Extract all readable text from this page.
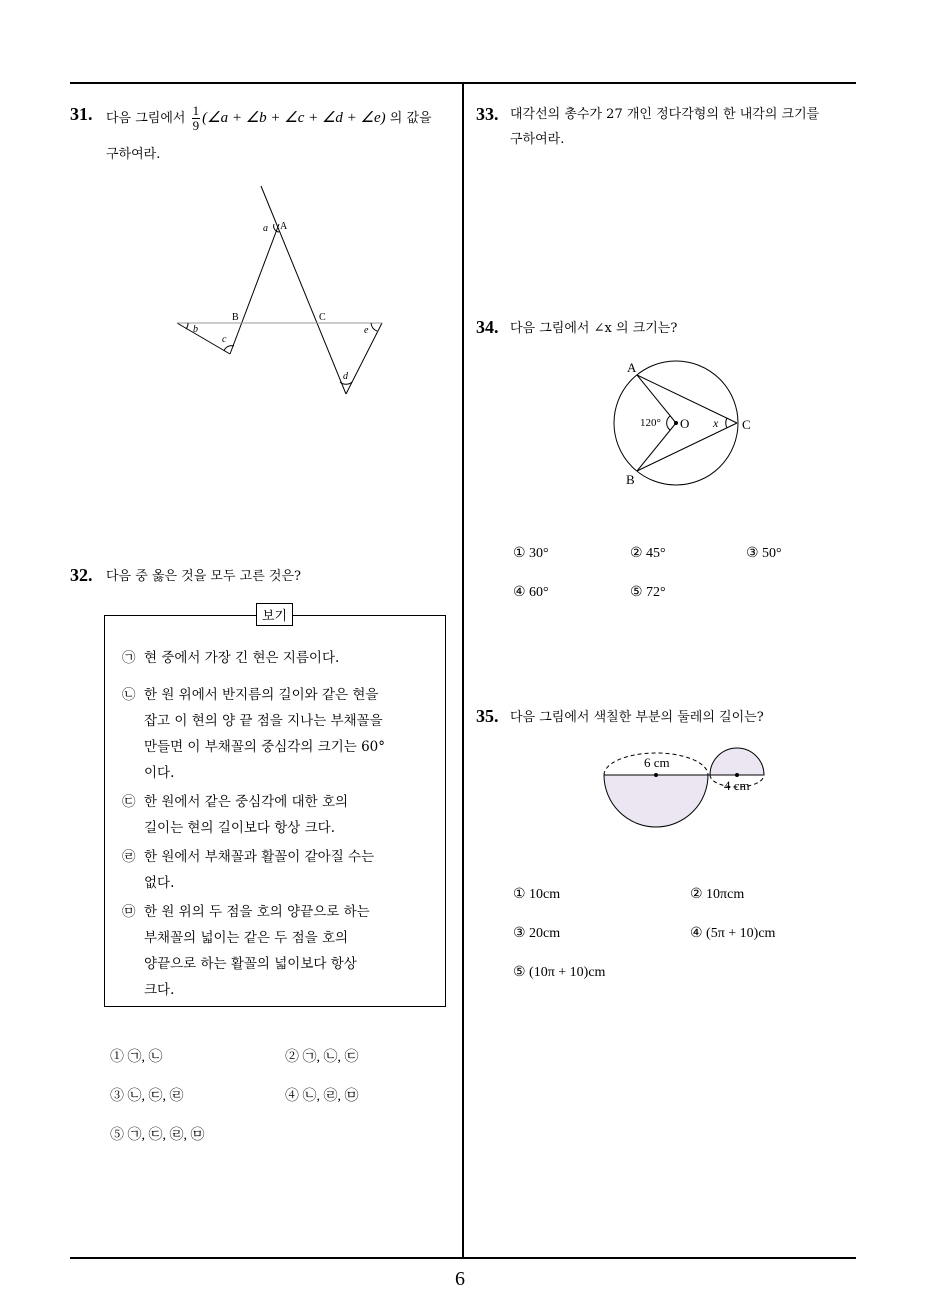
31. 다음 그림에서 $\frac{1}{9}$ (∠a + ∠b + ∠c + ∠d + ∠e) 의 값을
구하여라.
A
a
B	C
b
c
d
e
32. 다음 중 옳은 것을 모두 고른 것은?
보기
㉠ 현 중에서 가장 긴 현은 지름이다.
㉡ 한 원 위에서 반지름의 길이와 같은 현을
잡고 이 현의 양 끝 점을 지나는 부채꼴을
만들면 이 부채꼴의 중심각의 크기는 60°
이다.
㉢ 한 원에서 같은 중심각에 대한 호의
길이는 현의 길이보다 항상 크다.
㉣ 한 원에서 부채꼴과 활꼴이 같아질 수는
없다.
㉤ 한 원 위의 두 점을 호의 양끝으로 하는
부채꼴의 넓이는 같은 두 점을 호의
양끝으로 하는 활꼴의 넓이보다 항상
크다.
① ㉠, ㉡	② ㉠, ㉡, ㉢
③ ㉡, ㉢, ㉣	④ ㉡, ㉣, ㉤
⑤ ㉠, ㉢, ㉣, ㉤
33. 대각선의 총수가 27 개인 정다각형의 한 내각의 크기를
구하여라.
34. 다음 그림에서 ∠x 의 크기는?
A
B
C
O
120°	x
① 30°	② 45°	③ 50°
④ 60°	⑤ 72°
35. 다음 그림에서 색칠한 부분의 둘레의 길이는?
6 cm
4 cm
① 10cm	② 10πcm
③ 20cm	④ (5π + 10)cm
⑤ (10π + 10)cm
6
